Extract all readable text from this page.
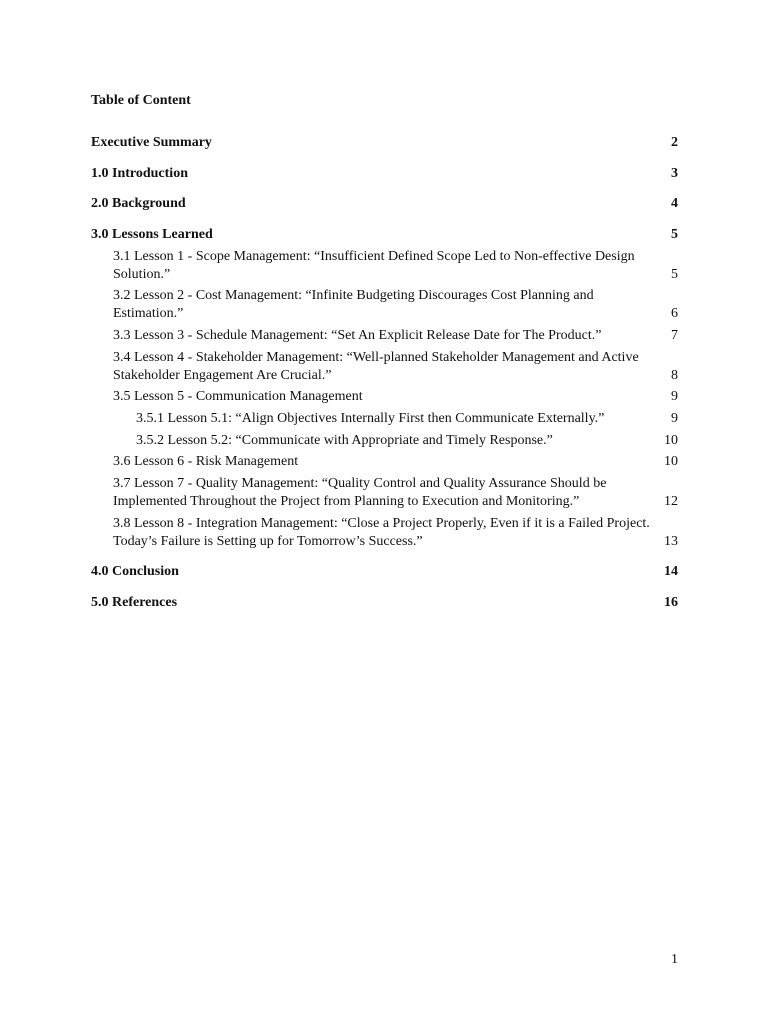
Table of Content
Executive Summary	2
1.0 Introduction	3
2.0 Background	4
3.0 Lessons Learned	5
3.1 Lesson 1 - Scope Management: “Insufficient Defined Scope Led to Non-effective Design Solution.”	5
3.2 Lesson 2 - Cost Management: “Infinite Budgeting Discourages Cost Planning and Estimation.”	6
3.3 Lesson 3 - Schedule Management: “Set An Explicit Release Date for The Product.”	7
3.4 Lesson 4 - Stakeholder Management: “Well-planned Stakeholder Management and Active Stakeholder Engagement Are Crucial.”	8
3.5 Lesson 5 - Communication Management	9
3.5.1 Lesson 5.1: “Align Objectives Internally First then Communicate Externally.”	9
3.5.2 Lesson 5.2: “Communicate with Appropriate and Timely Response.”	10
3.6 Lesson 6 - Risk Management	10
3.7 Lesson 7 - Quality Management: “Quality Control and Quality Assurance Should be Implemented Throughout the Project from Planning to Execution and Monitoring.”	12
3.8 Lesson 8 - Integration Management: “Close a Project Properly, Even if it is a Failed Project. Today’s Failure is Setting up for Tomorrow’s Success.”	13
4.0 Conclusion	14
5.0 References	16
1
